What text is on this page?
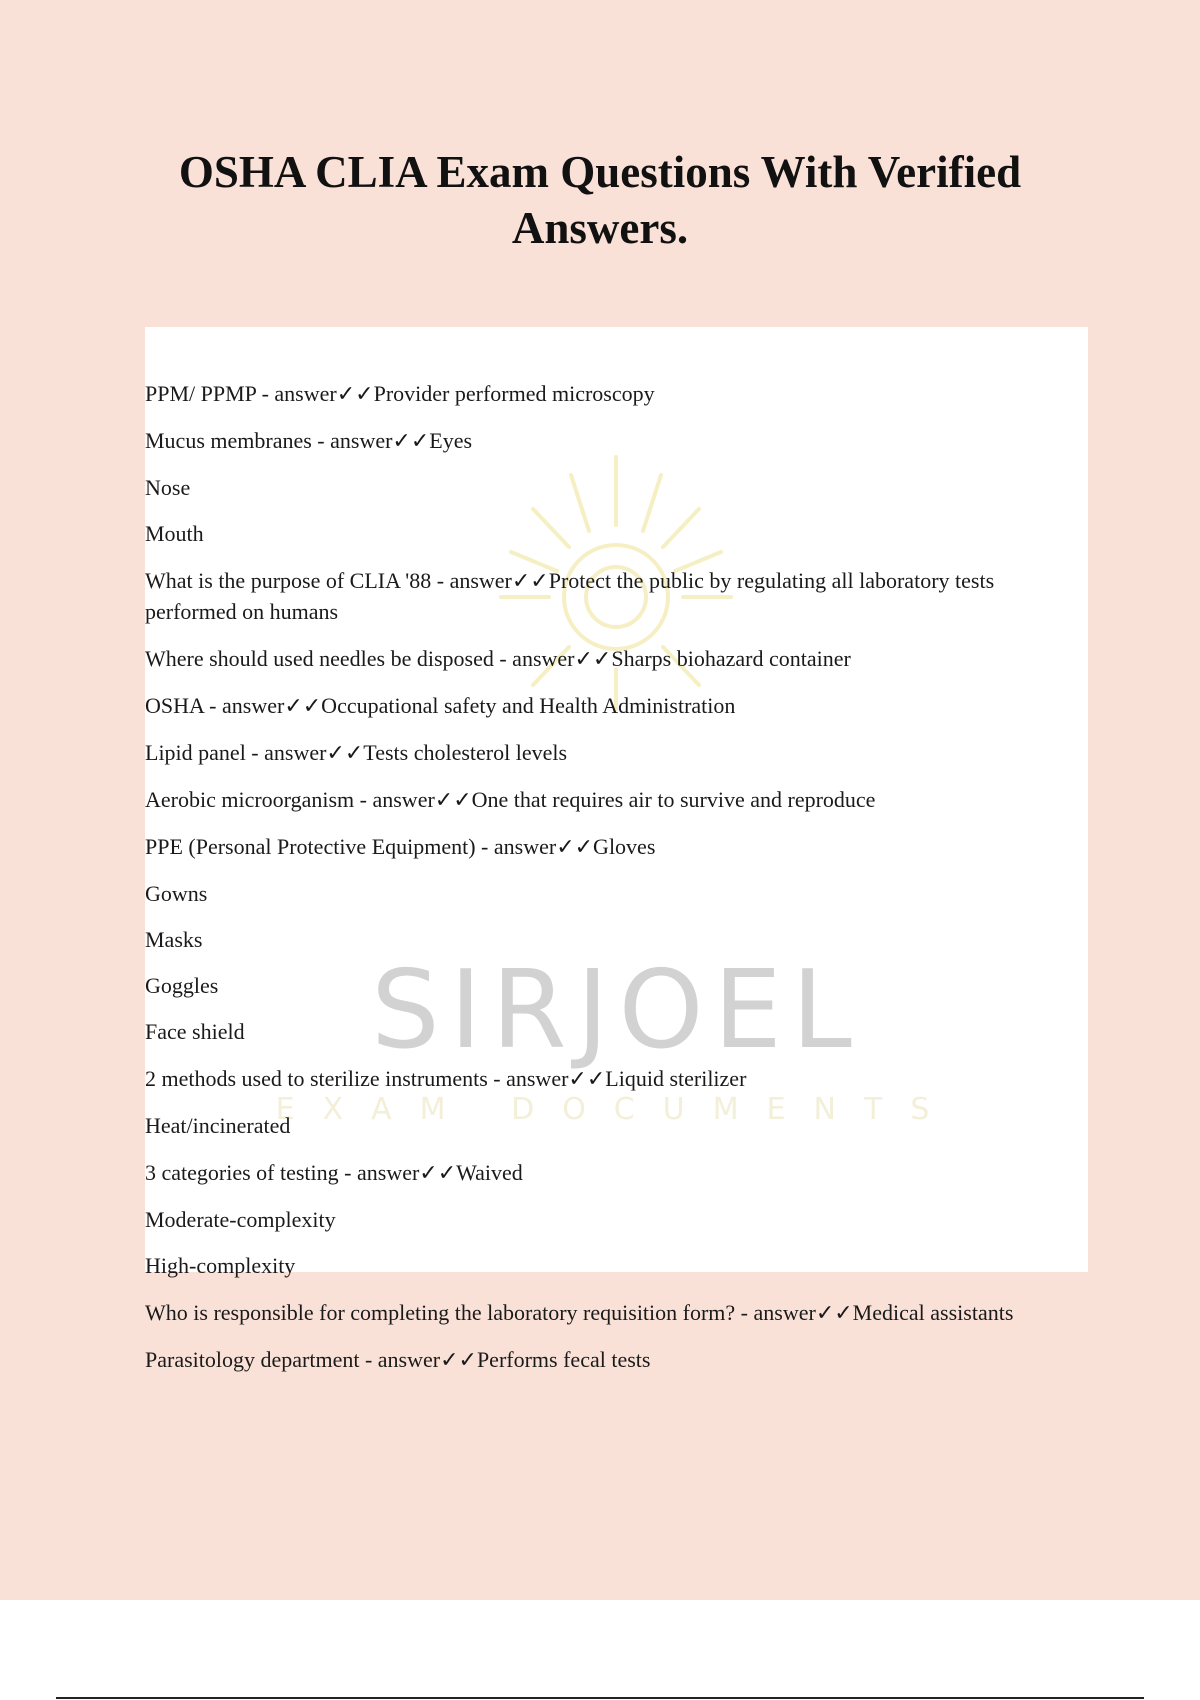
OSHA CLIA Exam Questions With Verified Answers.
SIRJOEL
EXAM DOCUMENTS

PPM/ PPMP - answer✓✓Provider performed microscopy

Mucus membranes - answer✓✓Eyes

Nose

Mouth

What is the purpose of CLIA '88 - answer✓✓Protect the public by regulating all laboratory tests performed on humans

Where should used needles be disposed - answer✓✓Sharps biohazard container

OSHA - answer✓✓Occupational safety and Health Administration

Lipid panel - answer✓✓Tests cholesterol levels

Aerobic microorganism - answer✓✓One that requires air to survive and reproduce

PPE (Personal Protective Equipment) - answer✓✓Gloves

Gowns

Masks

Goggles

Face shield

2 methods used to sterilize instruments - answer✓✓Liquid sterilizer

Heat/incinerated

3 categories of testing - answer✓✓Waived

Moderate-complexity

High-complexity

Who is responsible for completing the laboratory requisition form? - answer✓✓Medical assistants

Parasitology department - answer✓✓Performs fecal tests
